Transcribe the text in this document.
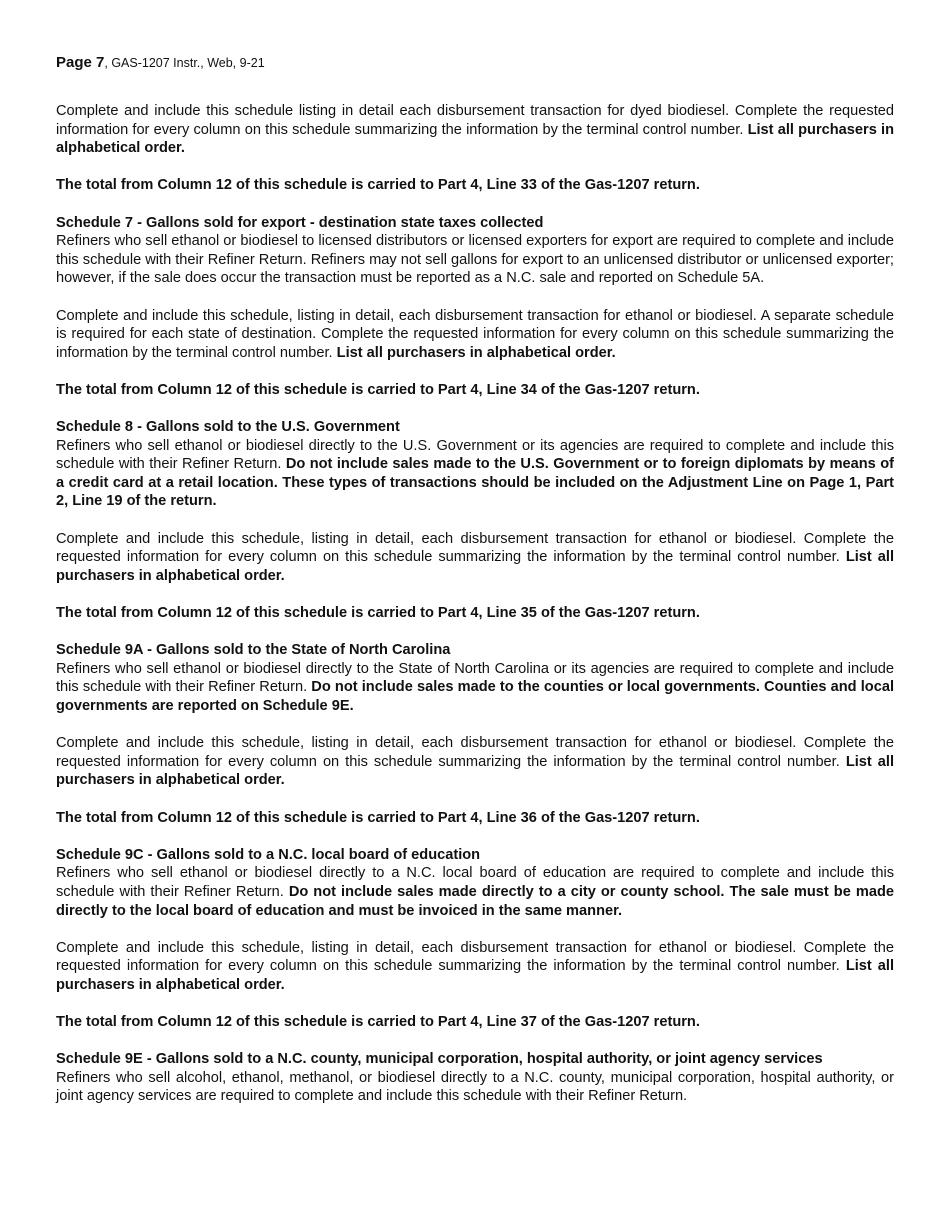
Page 7, GAS-1207 Instr., Web, 9-21

Complete and include this schedule listing in detail each disbursement transaction for dyed biodiesel. Complete the requested information for every column on this schedule summarizing the information by the terminal control number. List all purchasers in alphabetical order.

The total from Column 12 of this schedule is carried to Part 4, Line 33 of the Gas-1207 return.

Schedule 7 - Gallons sold for export - destination state taxes collected

Refiners who sell ethanol or biodiesel to licensed distributors or licensed exporters for export are required to complete and include this schedule with their Refiner Return. Refiners may not sell gallons for export to an unlicensed distributor or unlicensed exporter; however, if the sale does occur the transaction must be reported as a N.C. sale and reported on Schedule 5A.

Complete and include this schedule, listing in detail, each disbursement transaction for ethanol or biodiesel. A separate schedule is required for each state of destination. Complete the requested information for every column on this schedule summarizing the information by the terminal control number. List all purchasers in alphabetical order.

The total from Column 12 of this schedule is carried to Part 4, Line 34 of the Gas-1207 return.

Schedule 8 - Gallons sold to the U.S. Government

Refiners who sell ethanol or biodiesel directly to the U.S. Government or its agencies are required to complete and include this schedule with their Refiner Return. Do not include sales made to the U.S. Government or to foreign diplomats by means of a credit card at a retail location. These types of transactions should be included on the Adjustment Line on Page 1, Part 2, Line 19 of the return.

Complete and include this schedule, listing in detail, each disbursement transaction for ethanol or biodiesel. Complete the requested information for every column on this schedule summarizing the information by the terminal control number. List all purchasers in alphabetical order.

The total from Column 12 of this schedule is carried to Part 4, Line 35 of the Gas-1207 return.

Schedule 9A - Gallons sold to the State of North Carolina

Refiners who sell ethanol or biodiesel directly to the State of North Carolina or its agencies are required to complete and include this schedule with their Refiner Return. Do not include sales made to the counties or local governments. Counties and local governments are reported on Schedule 9E.

Complete and include this schedule, listing in detail, each disbursement transaction for ethanol or biodiesel. Complete the requested information for every column on this schedule summarizing the information by the terminal control number. List all purchasers in alphabetical order.

The total from Column 12 of this schedule is carried to Part 4, Line 36 of the Gas-1207 return.

Schedule 9C - Gallons sold to a N.C. local board of education

Refiners who sell ethanol or biodiesel directly to a N.C. local board of education are required to complete and include this schedule with their Refiner Return. Do not include sales made directly to a city or county school. The sale must be made directly to the local board of education and must be invoiced in the same manner.

Complete and include this schedule, listing in detail, each disbursement transaction for ethanol or biodiesel. Complete the requested information for every column on this schedule summarizing the information by the terminal control number. List all purchasers in alphabetical order.

The total from Column 12 of this schedule is carried to Part 4, Line 37 of the Gas-1207 return.

Schedule 9E - Gallons sold to a N.C. county, municipal corporation, hospital authority, or joint agency services

Refiners who sell alcohol, ethanol, methanol, or biodiesel directly to a N.C. county, municipal corporation, hospital authority, or joint agency services are required to complete and include this schedule with their Refiner Return.
